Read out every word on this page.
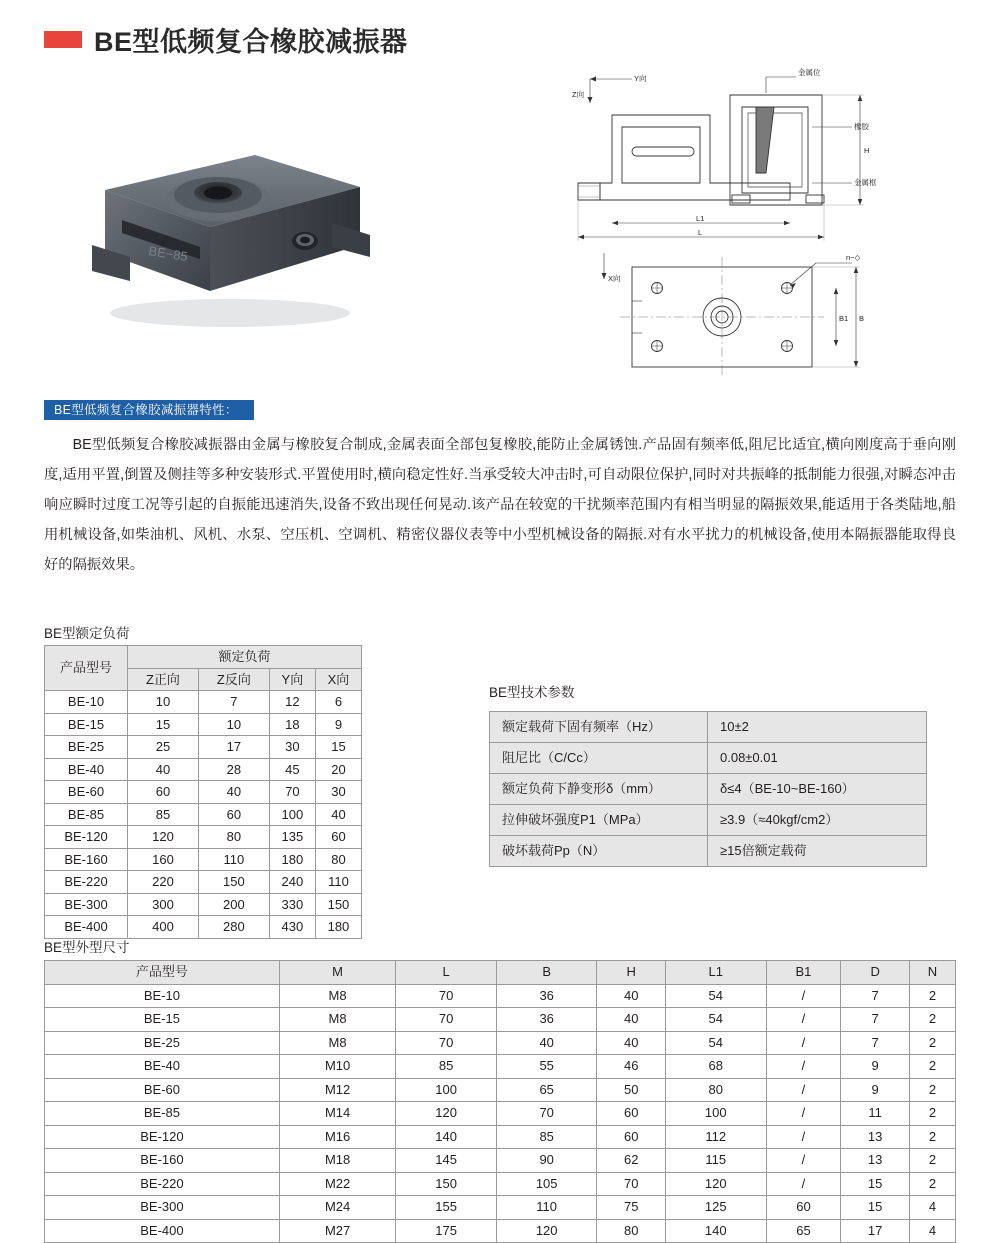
BE型低频复合橡胶减振器
BE−85
金属位
橡胶
金属框
Y向
Z向
H
L1
L
X向
n−◇
B1 B
BE型低频复合橡胶减振器特性：
BE型低频复合橡胶减振器由金属与橡胶复合制成,金属表面全部包复橡胶,能防止金属锈蚀.产品固有频率低,阻尼比适宜,横向刚度高于垂向刚度,适用平置,倒置及侧挂等多种安装形式.平置使用时,横向稳定性好.当承受较大冲击时,可自动限位保护,同时对共振峰的抵制能力很强,对瞬态冲击响应瞬时过度工况等引起的自振能迅速消失,设备不致出现任何晃动.该产品在较宽的干扰频率范围内有相当明显的隔振效果,能适用于各类陆地,船用机械设备,如柴油机、风机、水泵、空压机、空调机、精密仪器仪表等中小型机械设备的隔振.对有水平扰力的机械设备,使用本隔振器能取得良好的隔振效果。
BE型额定负荷
BE型技术参数
BE型外型尺寸
产品型号	额定负荷			
	Z正向	Z反向	Y向	X向
BE-10	10	7	12	6
BE-15	15	10	18	9
BE-25	25	17	30	15
BE-40	40	28	45	20
BE-60	60	40	70	30
BE-85	85	60	100	40
BE-120	120	80	135	60
BE-160	160	110	180	80
BE-220	220	150	240	110
BE-300	300	200	330	150
BE-400	400	280	430	180
额定载荷下固有频率（Hz）	10±2
阻尼比（C/Cc）	0.08±0.01
额定负荷下静变形δ（mm）	δ≤4（BE-10~BE-160）
拉伸破坏强度P1（MPa）	≥3.9（≈40kgf/cm2）
破坏载荷Pp（N）	≥15倍额定载荷
产品型号	M	L	B	H	L1	B1	D	N
BE-10	M8	70	36	40	54	/	7	2
BE-15	M8	70	36	40	54	/	7	2
BE-25	M8	70	40	40	54	/	7	2
BE-40	M10	85	55	46	68	/	9	2
BE-60	M12	100	65	50	80	/	9	2
BE-85	M14	120	70	60	100	/	11	2
BE-120	M16	140	85	60	112	/	13	2
BE-160	M18	145	90	62	115	/	13	2
BE-220	M22	150	105	70	120	/	15	2
BE-300	M24	155	110	75	125	60	15	4
BE-400	M27	175	120	80	140	65	17	4
